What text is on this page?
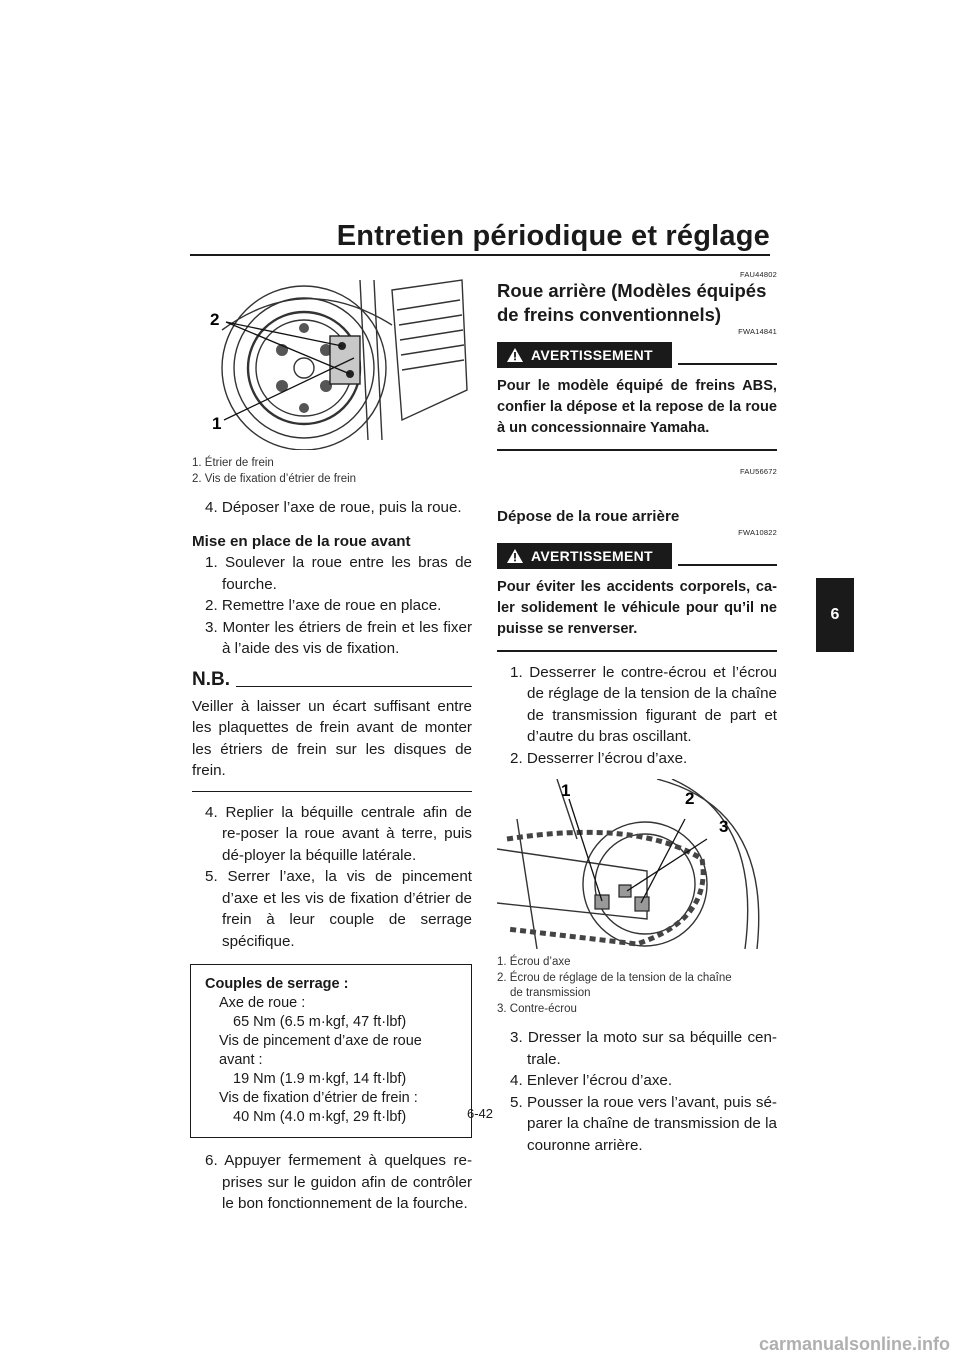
Entretien périodique et réglage
6
2
1
1. Étrier de frein
2. Vis de fixation d’étrier de frein
4. Déposer l’axe de roue, puis la roue.
Mise en place de la roue avant
1. Soulever la roue entre les bras de fourche.
2. Remettre l’axe de roue en place.
3. Monter les étriers de frein et les fixer à l’aide des vis de fixation.
N.B.

Veiller à laisser un écart suffisant entre les plaquettes de frein avant de monter les étriers de frein sur les disques de frein.

4. Replier la béquille centrale afin de re-poser la roue avant à terre, puis dé-ployer la béquille latérale.
5. Serrer l’axe, la vis de pincement d’axe et les vis de fixation d’étrier de frein à leur couple de serrage spécifique.
Couples de serrage :
Axe de roue :
65 Nm (6.5 m·kgf, 47 ft·lbf)
Vis de pincement d’axe de roue
avant :
19 Nm (1.9 m·kgf, 14 ft·lbf)
Vis de fixation d’étrier de frein :
40 Nm (4.0 m·kgf, 29 ft·lbf)
6. Appuyer fermement à quelques re-prises sur le guidon afin de contrôler le bon fonctionnement de la fourche.
FAU44802
Roue arrière (Modèles équipés de freins conventionnels)
FWA14841
AVERTISSEMENT
Pour le modèle équipé de freins ABS, confier la dépose et la repose de la roue à un concessionnaire Yamaha.
FAU56672
Dépose de la roue arrière
FWA10822
AVERTISSEMENT
Pour éviter les accidents corporels, ca-ler solidement le véhicule pour qu’il ne puisse se renverser.
1. Desserrer le contre-écrou et l’écrou de réglage de la tension de la chaîne de transmission figurant de part et d’autre du bras oscillant.
2. Desserrer l’écrou d’axe.
1	2
3
1. Écrou d’axe
2. Écrou de réglage de la tension de la chaîne
de transmission
3. Contre-écrou
3. Dresser la moto sur sa béquille cen-trale.
4. Enlever l’écrou d’axe.
5. Pousser la roue vers l’avant, puis sé-parer la chaîne de transmission de la couronne arrière.
6-42
carmanualsonline.info
